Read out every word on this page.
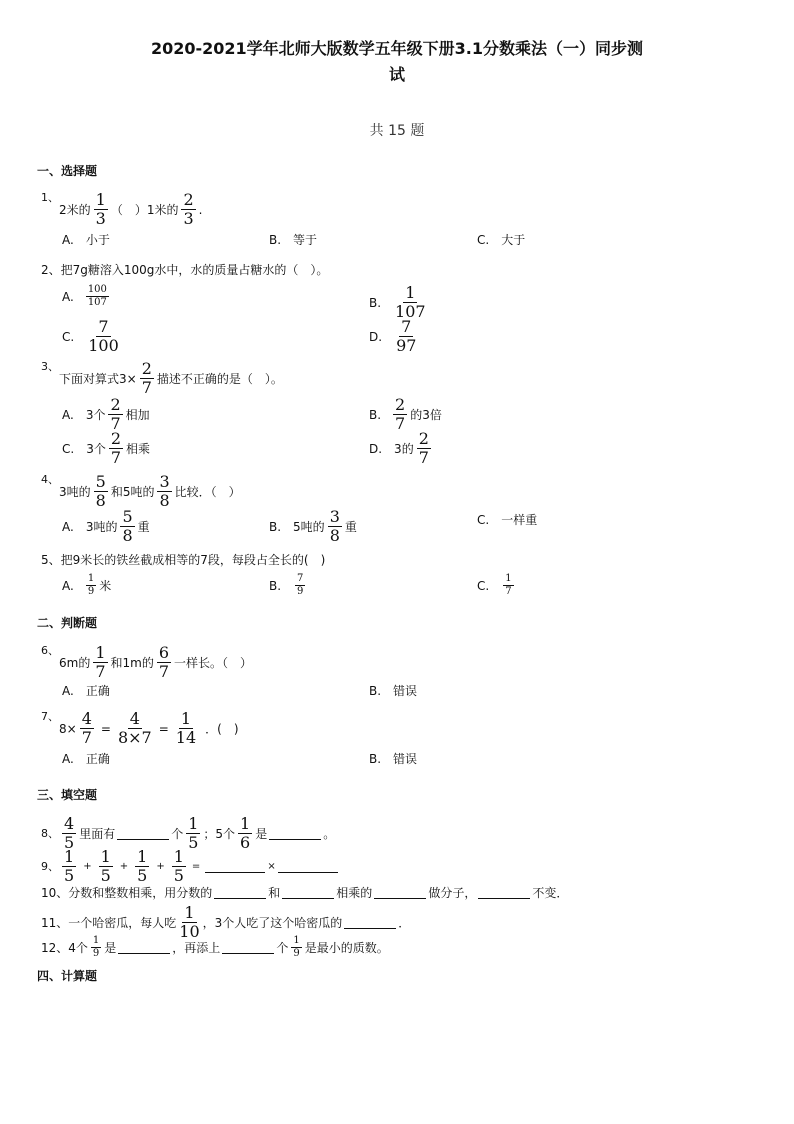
2020-2021学年北师大版数学五年级下册3.1分数乘法（一）同步测
试
共 15 题
一、选择题
1、
2米的 $\frac{1}{3}$ （　）1米的 $\frac{2}{3}$ .
A.　小于	B.　等于	C.　大于
2、把7g糖溶入100g水中，水的质量占糖水的（　）。
A. $\frac{100}{107}$	B. $\frac{1}{107}$
C. $\frac{7}{100}$	D. $\frac{7}{97}$
3、
下面对算式$3\times \frac{2}{7}$ 描述不正确的是（　）。
A.　3个 $\frac{2}{7}$ 相加	B. $\frac{2}{7}$ 的3倍
C.　3个 $\frac{2}{7}$ 相乘	D.　3的 $\frac{2}{7}$
4、
3吨的 $\frac{5}{8}$ 和5吨的 $\frac{3}{8}$ 比较．（　）
A.　3吨的 $\frac{5}{8}$ 重	B.　5吨的 $\frac{3}{8}$ 重	C.　一样重
5、把9米长的铁丝截成相等的7段，每段占全长的(　)
A. $\frac{1}{9}$ 米	B. $\frac{7}{9}$	C. $\frac{1}{7}$
二、判断题
6、
6m的 $\frac{1}{7}$ 和1m的 $\frac{6}{7}$ 一样长。（　）
A.　正确	B.　错误
7、
$8\times \frac{4}{7} = \frac{4}{8\times 7} = \frac{1}{14}$ ．(　)
A.　正确	B.　错误
三、填空题
8、 $\frac{4}{5}$ 里面有	个 $\frac{1}{5}$ ；5个 $\frac{1}{6}$ 是	。
9、 $\frac{1}{5} + \frac{1}{5} + \frac{1}{5} + \frac{1}{5}$ =	×
10、分数和整数相乘，用分数的	和	相乘的	做分子，	不变．
11、一个哈密瓜，每人吃 $\frac{1}{10}$ ，3个人吃了这个哈密瓜的	．
12、4个 $\frac{1}{9}$ 是	，再添上	个 $\frac{1}{9}$ 是最小的质数。
四、计算题
